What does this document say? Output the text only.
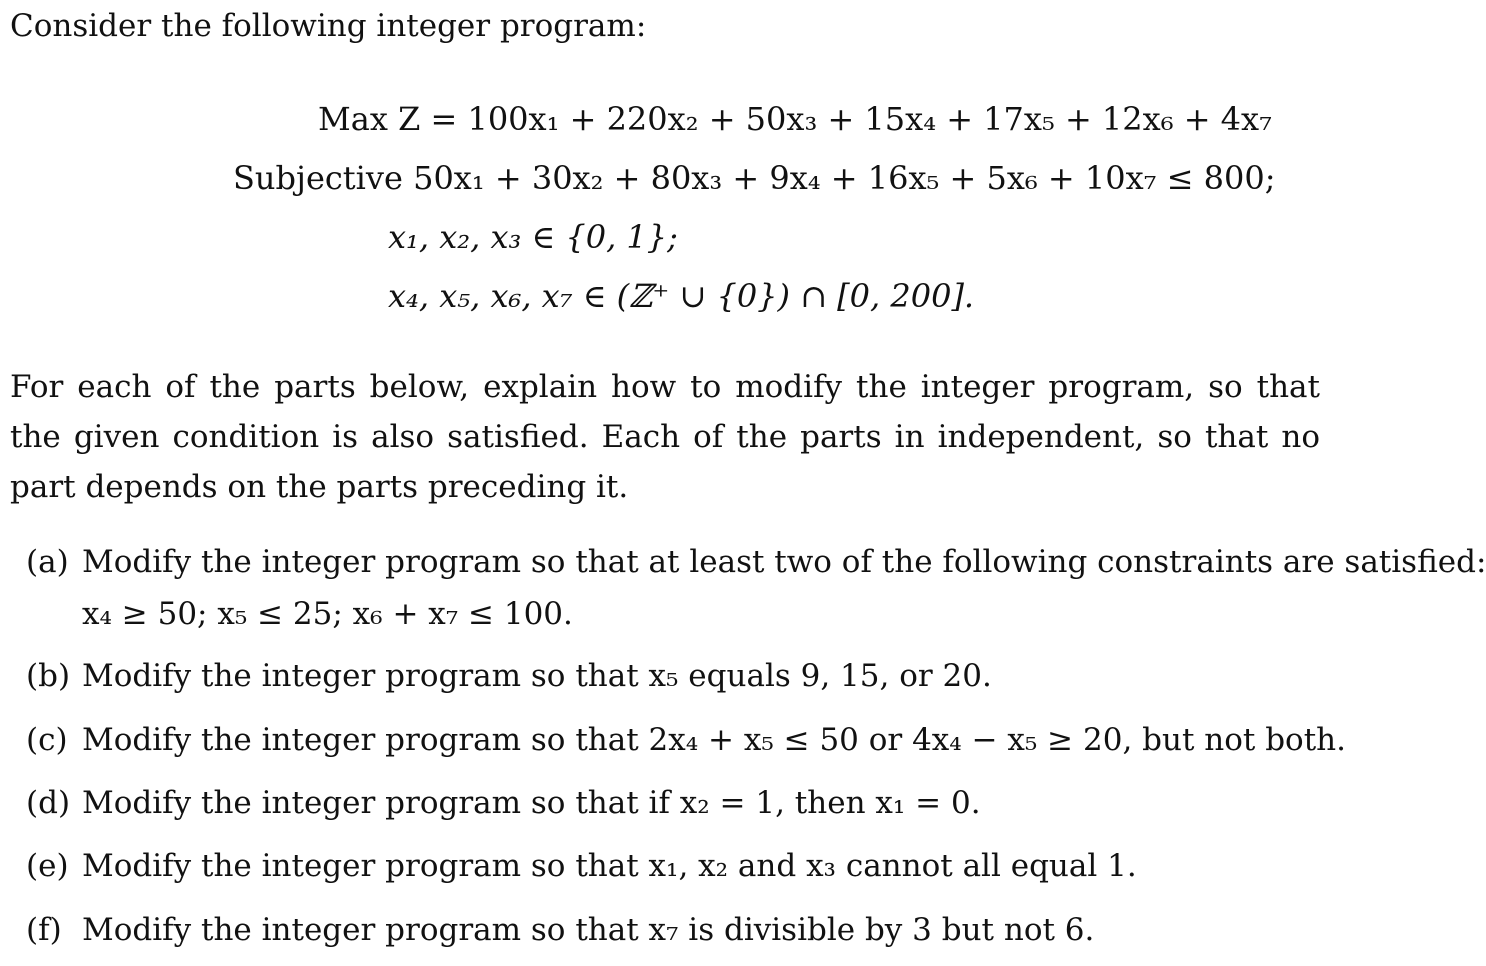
Consider the following integer program:
Max Z = 100x₁ + 220x₂ + 50x₃ + 15x₄ + 17x₅ + 12x₆ + 4x₇
Subjective 50x₁ + 30x₂ + 80x₃ + 9x₄ + 16x₅ + 5x₆ + 10x₇ ≤ 800;
x₁, x₂, x₃ ∈ {0, 1};
x₄, x₅, x₆, x₇ ∈ (ℤ⁺ ∪ {0}) ∩ [0, 200].
For each of the parts below, explain how to modify the integer program, so that the given condition is also satisfied. Each of the parts in independent, so that no part depends on the parts preceding it.
(a) Modify the integer program so that at least two of the following constraints are satisfied:
x₄ ≥ 50; x₅ ≤ 25; x₆ + x₇ ≤ 100.
(b) Modify the integer program so that x₅ equals 9, 15, or 20.
(c) Modify the integer program so that 2x₄ + x₅ ≤ 50 or 4x₄ − x₅ ≥ 20, but not both.
(d) Modify the integer program so that if x₂ = 1, then x₁ = 0.
(e) Modify the integer program so that x₁, x₂ and x₃ cannot all equal 1.
(f) Modify the integer program so that x₇ is divisible by 3 but not 6.
